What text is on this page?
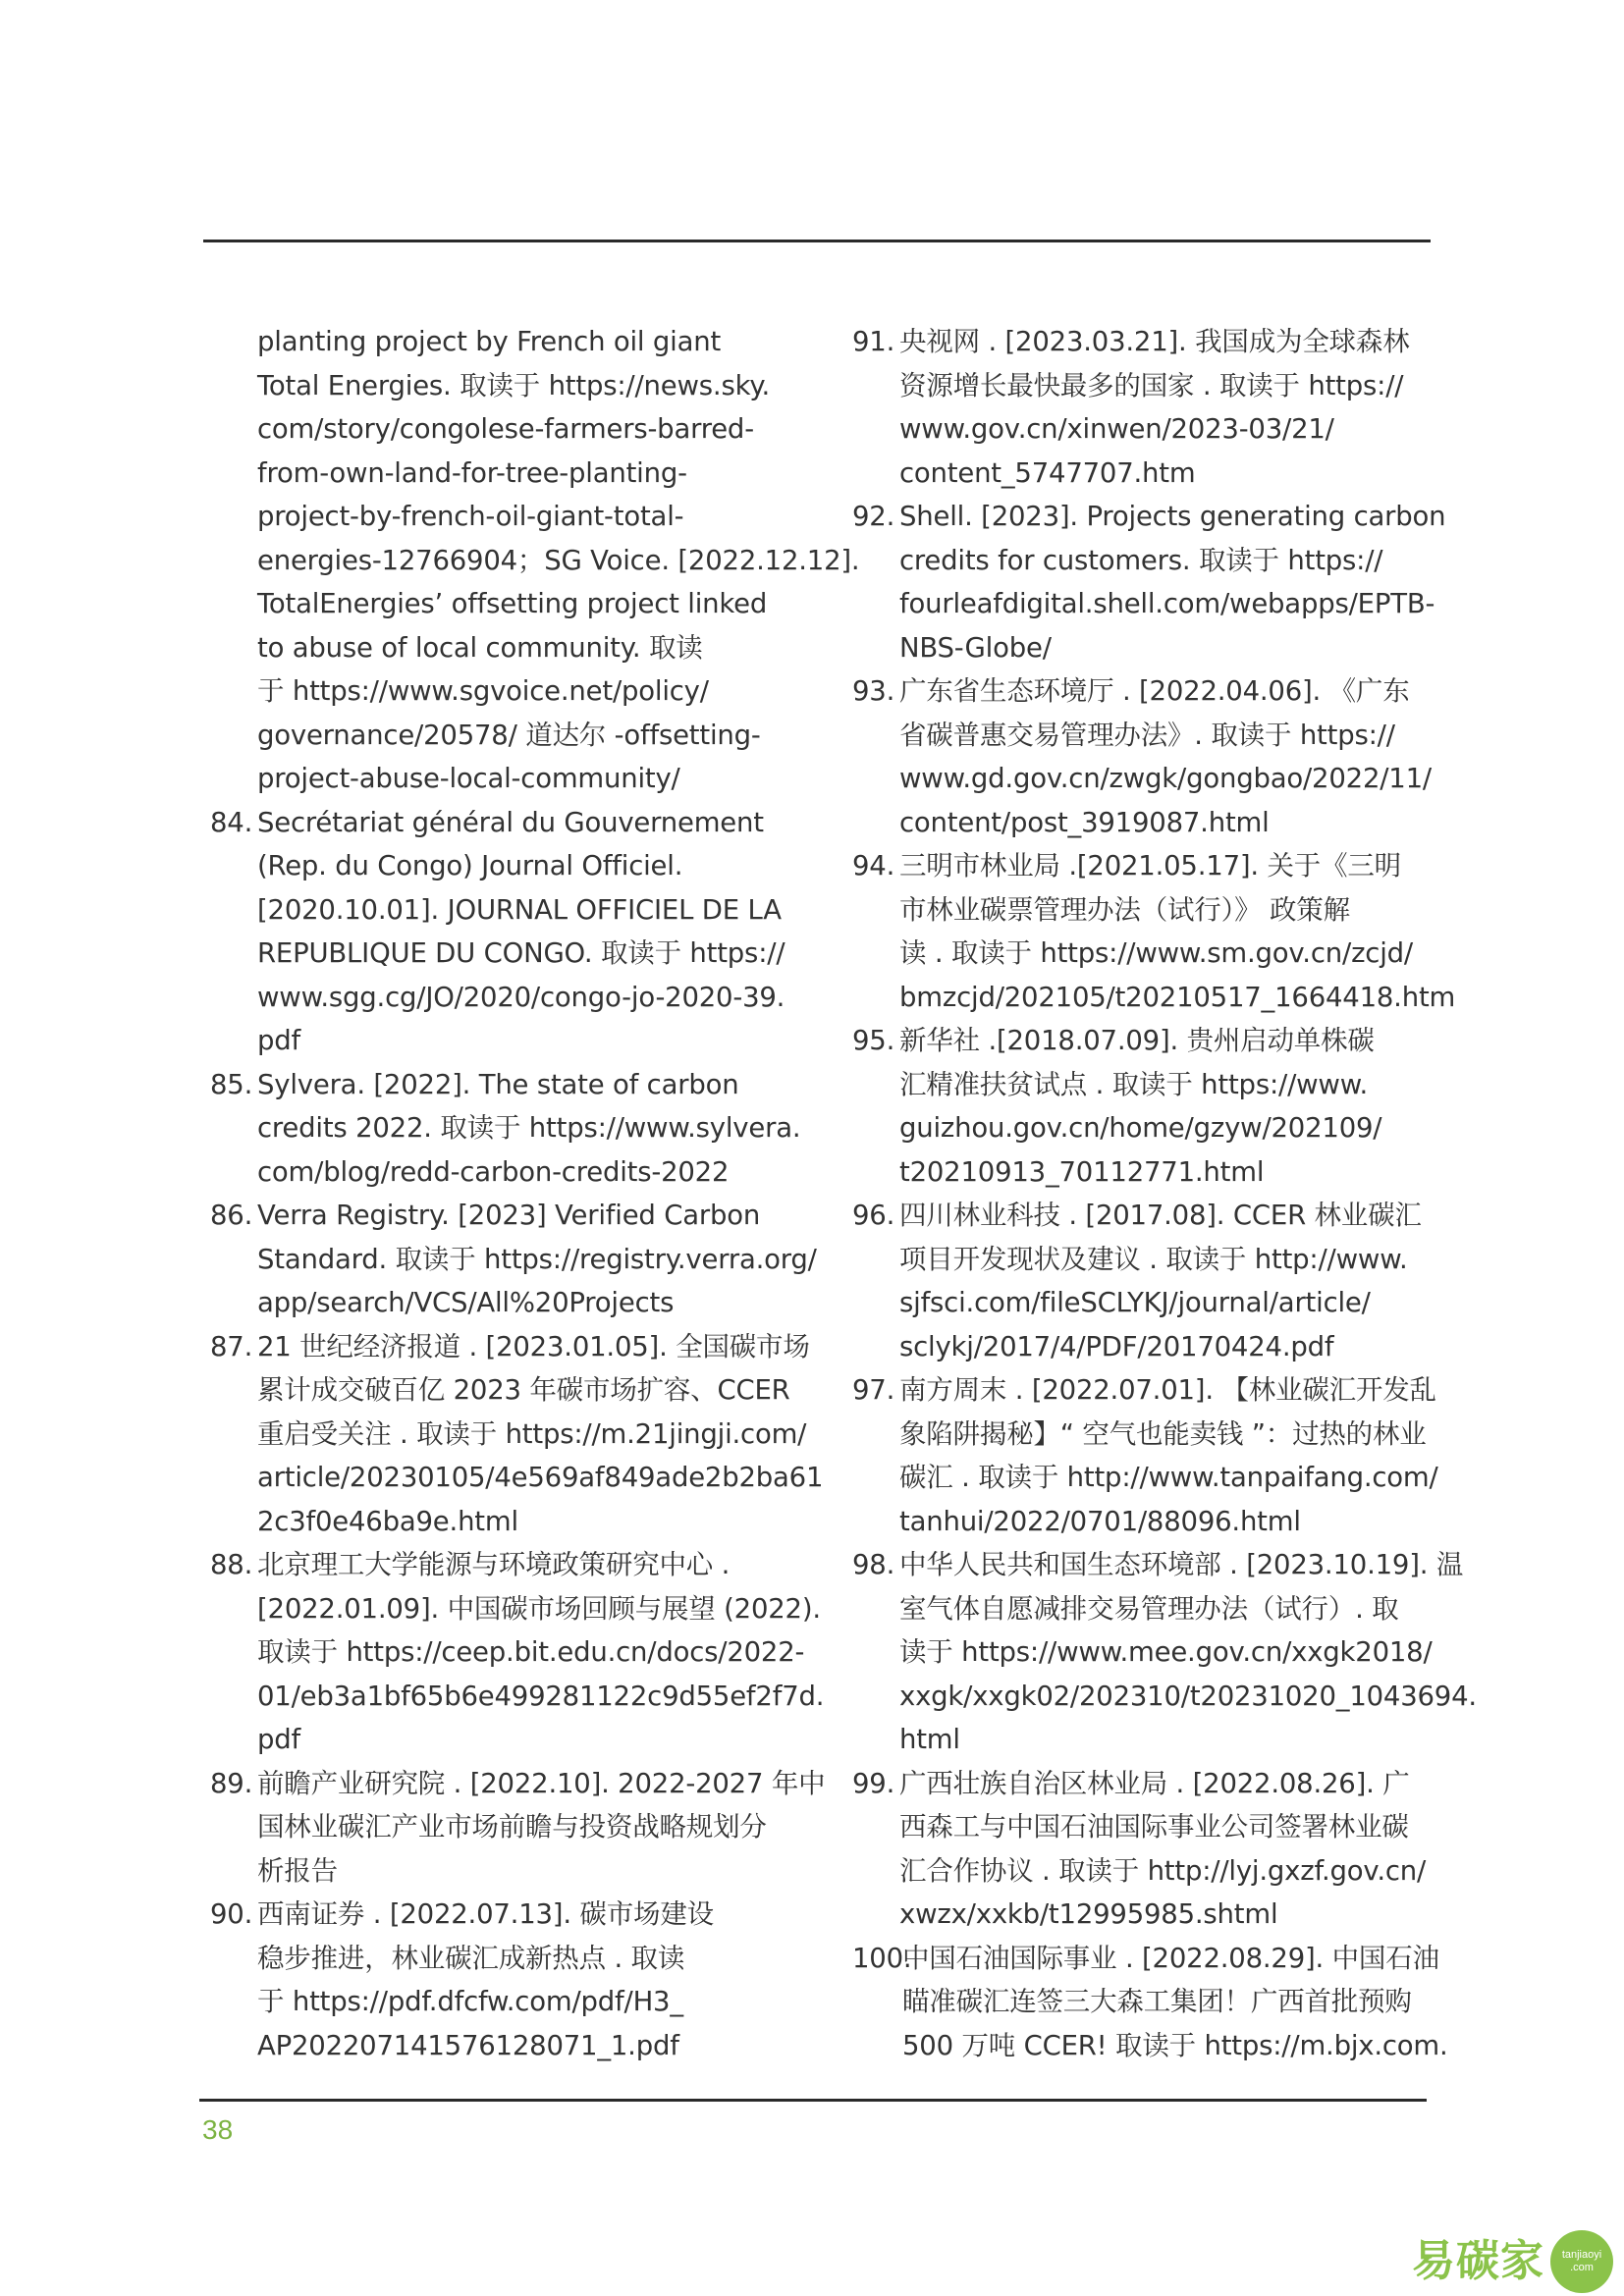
planting project by French oil giant
Total Energies. 取读于 https://news.sky.
com/story/congolese-farmers-barred-
from-own-land-for-tree-planting-
project-by-french-oil-giant-total-
energies-12766904；SG Voice. [2022.12.12].
TotalEnergies’ offsetting project linked
to abuse of local community. 取读
于 https://www.sgvoice.net/policy/
governance/20578/ 道达尔 -offsetting-
project-abuse-local-community/
84. Secrétariat général du Gouvernement
(Rep. du Congo) Journal Officiel.
[2020.10.01]. JOURNAL OFFICIEL DE LA
REPUBLIQUE DU CONGO. 取读于 https://
www.sgg.cg/JO/2020/congo-jo-2020-39.
pdf
85. Sylvera. [2022]. The state of carbon
credits 2022. 取读于 https://www.sylvera.
com/blog/redd-carbon-credits-2022
86. Verra Registry. [2023] Verified Carbon
Standard. 取读于 https://registry.verra.org/
app/search/VCS/All%20Projects
87. 21 世纪经济报道 . [2023.01.05]. 全国碳市场
累计成交破百亿 2023 年碳市场扩容、CCER
重启受关注 . 取读于 https://m.21jingji.com/
article/20230105/4e569af849ade2b2ba61
2c3f0e46ba9e.html
88. 北京理工大学能源与环境政策研究中心 .
[2022.01.09]. 中国碳市场回顾与展望 (2022).
取读于 https://ceep.bit.edu.cn/docs/2022-
01/eb3a1bf65b6e499281122c9d55ef2f7d.
pdf
89. 前瞻产业研究院 . [2022.10]. 2022-2027 年中
国林业碳汇产业市场前瞻与投资战略规划分
析报告
90. 西南证券 . [2022.07.13]. 碳市场建设
稳步推进，林业碳汇成新热点 . 取读
于 https://pdf.dfcfw.com/pdf/H3_
AP202207141576128071_1.pdf
91. 央视网 . [2023.03.21]. 我国成为全球森林
资源增长最快最多的国家 . 取读于 https://
www.gov.cn/xinwen/2023-03/21/
content_5747707.htm
92. Shell. [2023]. Projects generating carbon
credits for customers. 取读于 https://
fourleafdigital.shell.com/webapps/EPTB-
NBS-Globe/
93. 广东省生态环境厅 . [2022.04.06]. 《广东
省碳普惠交易管理办法》. 取读于 https://
www.gd.gov.cn/zwgk/gongbao/2022/11/
content/post_3919087.html
94. 三明市林业局 .[2021.05.17]. 关于《三明
市林业碳票管理办法（试行）》 政策解
读 . 取读于 https://www.sm.gov.cn/zcjd/
bmzcjd/202105/t20210517_1664418.htm
95. 新华社 .[2018.07.09]. 贵州启动单株碳
汇精准扶贫试点 . 取读于 https://www.
guizhou.gov.cn/home/gzyw/202109/
t20210913_70112771.html
96. 四川林业科技 . [2017.08]. CCER 林业碳汇
项目开发现状及建议 . 取读于 http://www.
sjfsci.com/fileSCLYKJ/journal/article/
sclykj/2017/4/PDF/20170424.pdf
97. 南方周末 . [2022.07.01]. 【林业碳汇开发乱
象陷阱揭秘】“ 空气也能卖钱 ”：过热的林业
碳汇 . 取读于 http://www.tanpaifang.com/
tanhui/2022/0701/88096.html
98. 中华人民共和国生态环境部 . [2023.10.19]. 温
室气体自愿减排交易管理办法（试行）. 取
读于 https://www.mee.gov.cn/xxgk2018/
xxgk/xxgk02/202310/t20231020_1043694.
html
99. 广西壮族自治区林业局 . [2022.08.26]. 广
西森工与中国石油国际事业公司签署林业碳
汇合作协议 . 取读于 http://lyj.gxzf.gov.cn/
xwzx/xxkb/t12995985.shtml
100.
中国石油国际事业 . [2022.08.29]. 中国石油
瞄准碳汇连签三大森工集团！广西首批预购
500 万吨 CCER! 取读于 https://m.bjx.com.
38
易碳家 tanjiaoyi
.com
